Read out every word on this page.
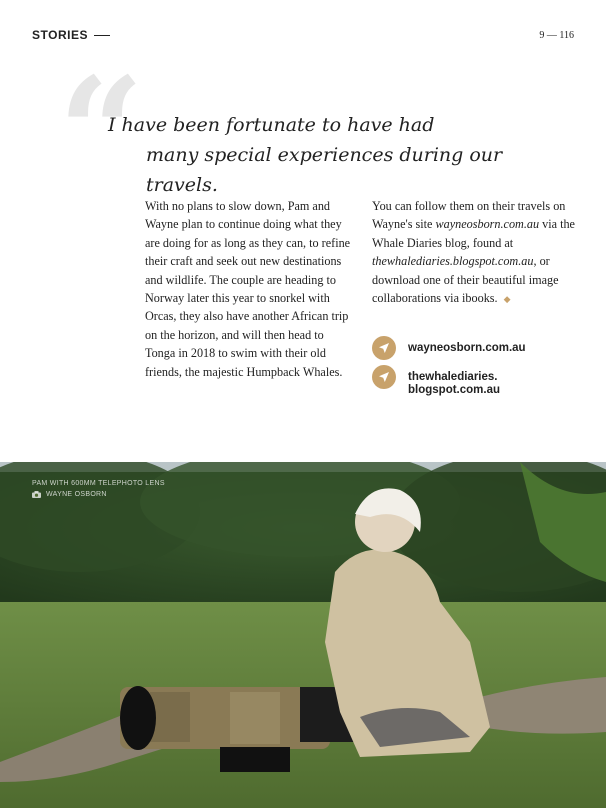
STORIES	9 — 116
“
I have been fortunate to have had
many special experiences during our travels.
With no plans to slow down, Pam and Wayne plan to continue doing what they are doing for as long as they can, to refine their craft and seek out new destinations and wildlife. The couple are heading to Norway later this year to snorkel with Orcas, they also have another African trip on the horizon, and will then head to Tonga in 2018 to swim with their old friends, the majestic Humpback Whales.
You can follow them on their travels on Wayne's site wayneosborn.com.au via the Whale Diaries blog, found at thewhalediaries.blogspot.com.au, or download one of their beautiful image collaborations via ibooks. ◆
wayneosborn.com.au
thewhalediaries.
blogspot.com.au
PAM WITH 600MM TELEPHOTO LENS
WAYNE OSBORN
